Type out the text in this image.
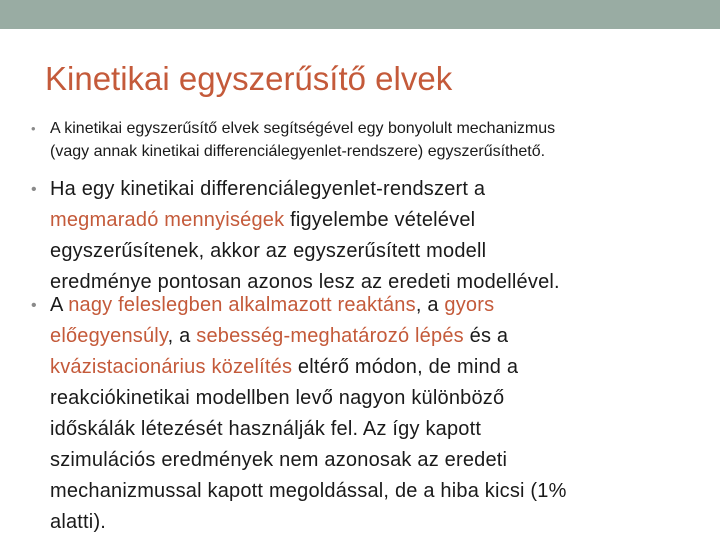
Kinetikai egyszerűsítő elvek
• A kinetikai egyszerűsítő elvek segítségével egy bonyolult mechanizmus
(vagy annak kinetikai differenciálegyenlet-rendszere) egyszerűsíthető.
• Ha egy kinetikai differenciálegyenlet-rendszert a
megmaradó mennyiségek figyelembe vételével
egyszerűsítenek, akkor az egyszerűsített modell
eredménye pontosan azonos lesz az eredeti modellével.
• A nagy feleslegben alkalmazott reaktáns, a gyors
előegyensúly, a sebesség-meghatározó lépés és a
kvázistacionárius közelítés eltérő módon, de mind a
reakciókinetikai modellben levő nagyon különböző
időskálák létezését használják fel. Az így kapott
szimulációs eredmények nem azonosak az eredeti
mechanizmussal kapott megoldással, de a hiba kicsi (1%
alatti).
